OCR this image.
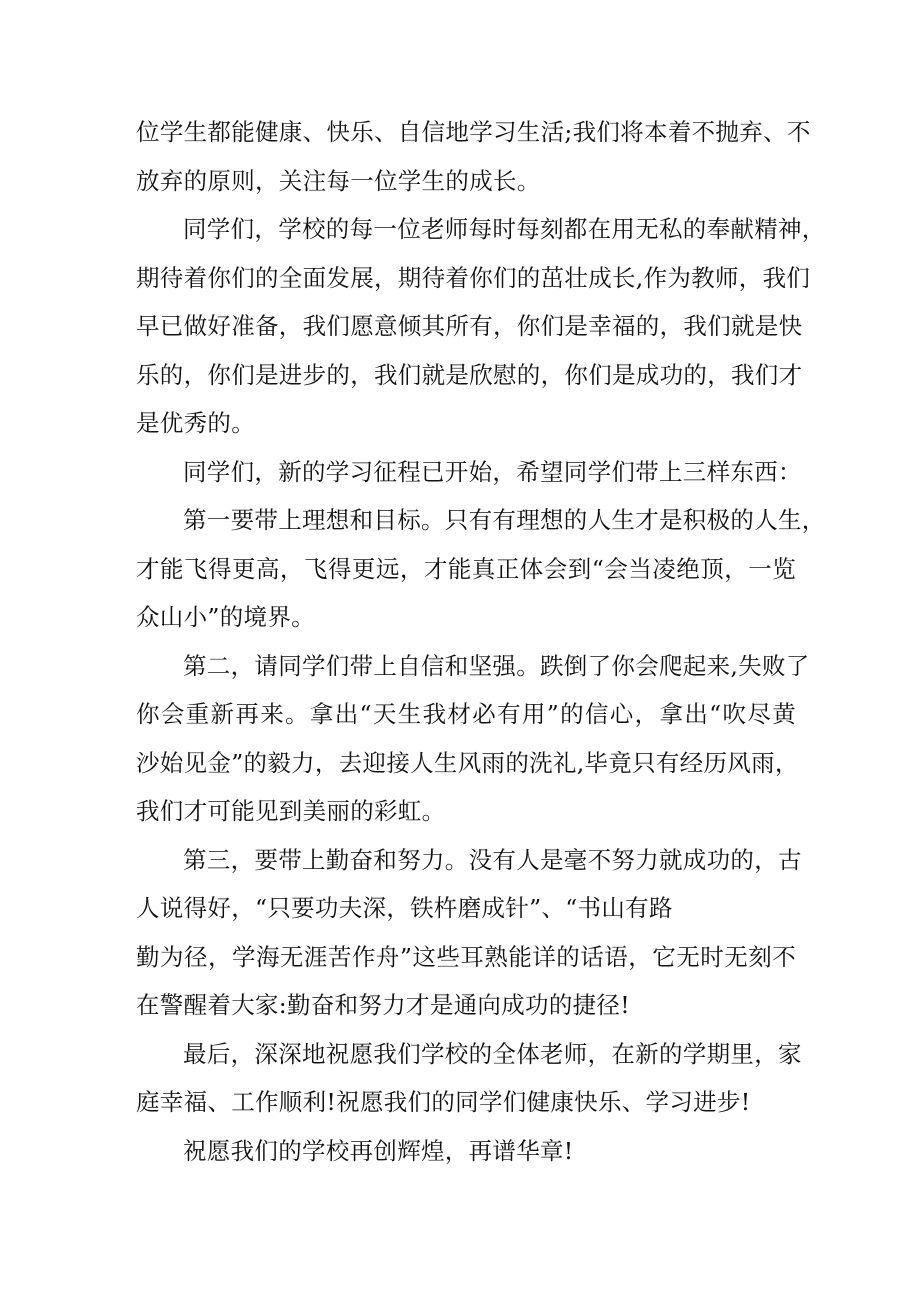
位学生都能健康、快乐、自信地学习生活;我们将本着不抛弃、不
放弃的原则，关注每一位学生的成长。
同学们，学校的每一位老师每时每刻都在用无私的奉献精神，
期待着你们的全面发展，期待着你们的茁壮成长,作为教师，我们
早已做好准备，我们愿意倾其所有，你们是幸福的，我们就是快
乐的，你们是进步的，我们就是欣慰的，你们是成功的，我们才
是优秀的。
同学们，新的学习征程已开始，希望同学们带上三样东西：
第一要带上理想和目标。只有有理想的人生才是积极的人生，
才能飞得更高，飞得更远，才能真正体会到“会当凌绝顶，一览
众山小”的境界。
第二，请同学们带上自信和坚强。跌倒了你会爬起来,失败了
你会重新再来。拿出“天生我材必有用”的信心，拿出“吹尽黄
沙始见金”的毅力，去迎接人生风雨的洗礼,毕竟只有经历风雨，
我们才可能见到美丽的彩虹。
第三，要带上勤奋和努力。没有人是毫不努力就成功的，古
人说得好，“只要功夫深，铁杵磨成针”、“书山有路
勤为径，学海无涯苦作舟”这些耳熟能详的话语，它无时无刻不
在警醒着大家:勤奋和努力才是通向成功的捷径!
最后，深深地祝愿我们学校的全体老师，在新的学期里，家
庭幸福、工作顺利!祝愿我们的同学们健康快乐、学习进步!
祝愿我们的学校再创辉煌，再谱华章!
